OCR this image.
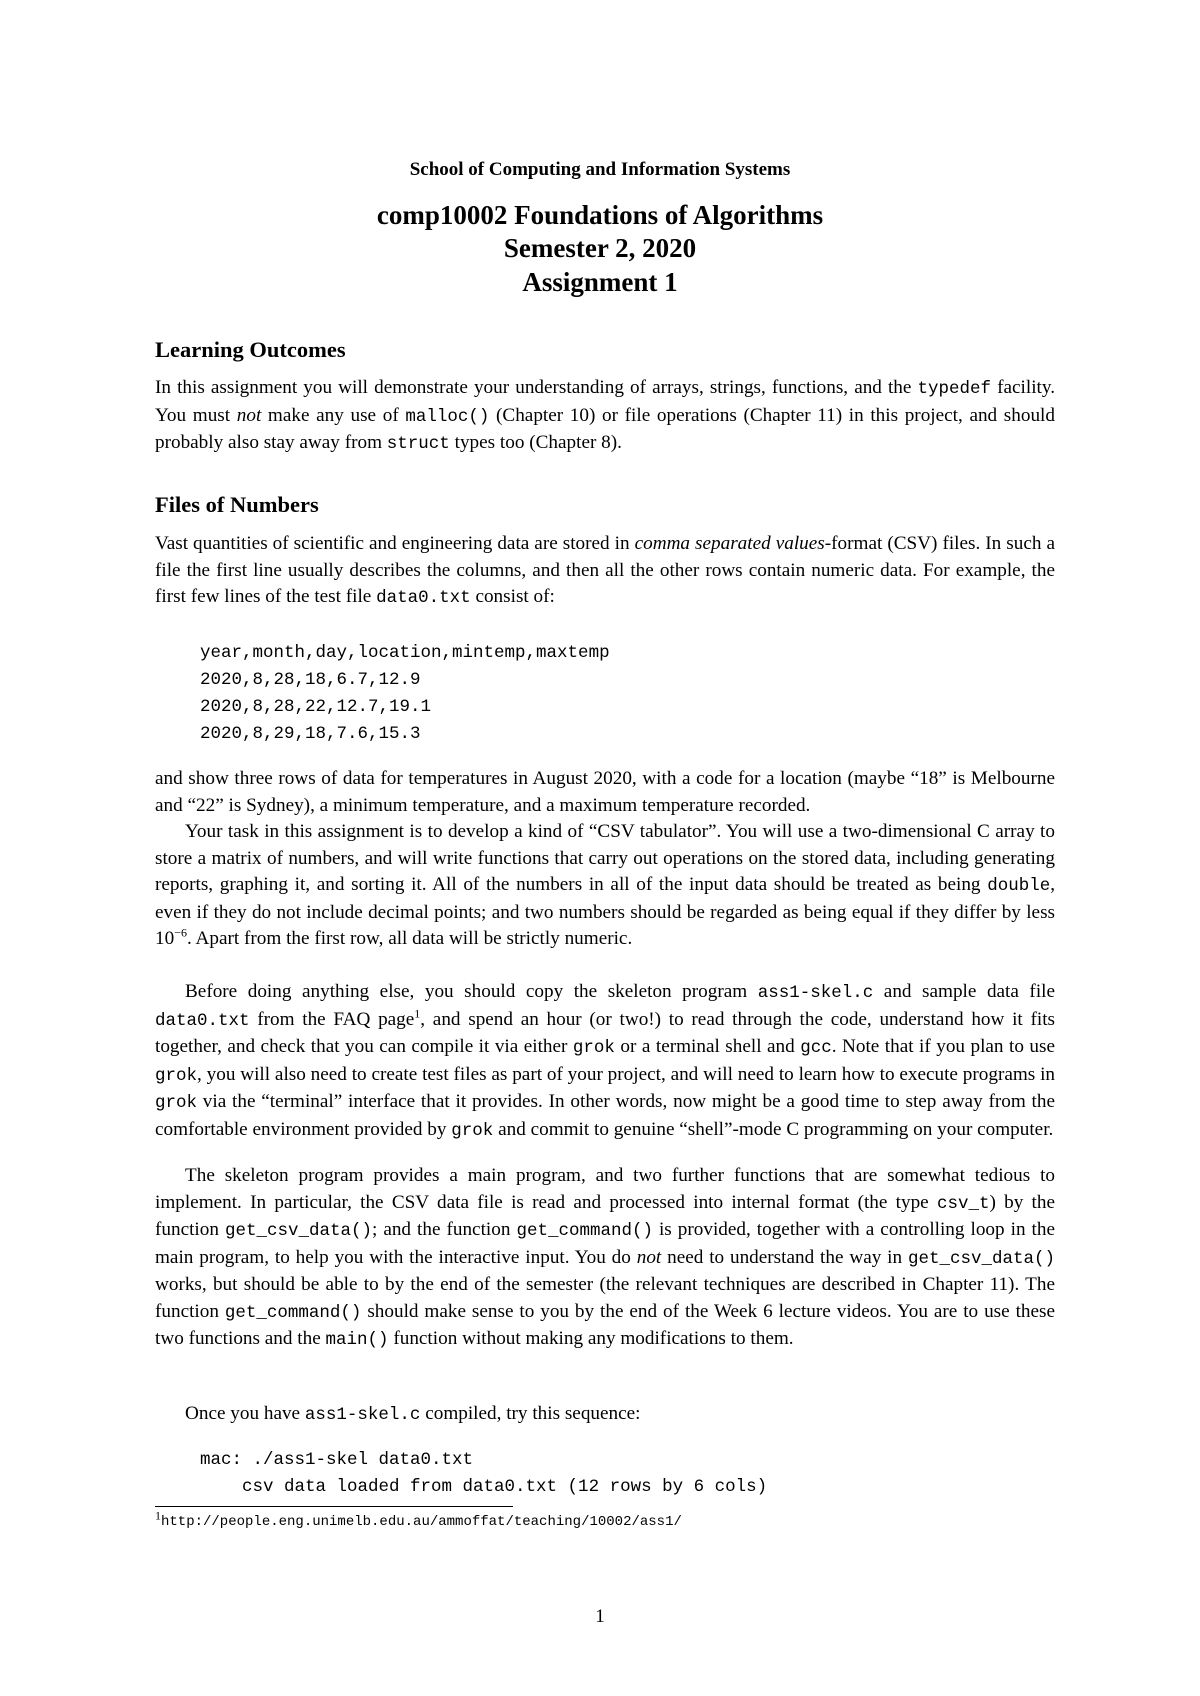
School of Computing and Information Systems
comp10002 Foundations of Algorithms
Semester 2, 2020
Assignment 1
Learning Outcomes

In this assignment you will demonstrate your understanding of arrays, strings, functions, and the typedef facility. You must not make any use of malloc() (Chapter 10) or file operations (Chapter 11) in this project, and should probably also stay away from struct types too (Chapter 8).

Files of Numbers

Vast quantities of scientific and engineering data are stored in comma separated values-format (CSV) files. In such a file the first line usually describes the columns, and then all the other rows contain numeric data. For example, the first few lines of the test file data0.txt consist of:

year,month,day,location,mintemp,maxtemp
2020,8,28,18,6.7,12.9
2020,8,28,22,12.7,19.1
2020,8,29,18,7.6,15.3

and show three rows of data for temperatures in August 2020, with a code for a location (maybe “18” is Melbourne and “22” is Sydney), a minimum temperature, and a maximum temperature recorded.

Your task in this assignment is to develop a kind of “CSV tabulator”. You will use a two-dimensional C array to store a matrix of numbers, and will write functions that carry out operations on the stored data, including generating reports, graphing it, and sorting it. All of the numbers in all of the input data should be treated as being double, even if they do not include decimal points; and two numbers should be regarded as being equal if they differ by less $10^{-6}$. Apart from the first row, all data will be strictly numeric.

Before doing anything else, you should copy the skeleton program ass1-skel.c and sample data file data0.txt from the FAQ page$^1$, and spend an hour (or two!) to read through the code, understand how it fits together, and check that you can compile it via either grok or a terminal shell and gcc. Note that if you plan to use grok, you will also need to create test files as part of your project, and will need to learn how to execute programs in grok via the “terminal” interface that it provides. In other words, now might be a good time to step away from the comfortable environment provided by grok and commit to genuine “shell”-mode C programming on your computer.

The skeleton program provides a main program, and two further functions that are somewhat tedious to implement. In particular, the CSV data file is read and processed into internal format (the type csv_t) by the function get_csv_data(); and the function get_command() is provided, together with a controlling loop in the main program, to help you with the interactive input. You do not need to understand the way in get_csv_data() works, but should be able to by the end of the semester (the relevant techniques are described in Chapter 11). The function get_command() should make sense to you by the end of the Week 6 lecture videos. You are to use these two functions and the main() function without making any modifications to them.

Once you have ass1-skel.c compiled, try this sequence:

mac: ./ass1-skel data0.txt
csv data loaded from data0.txt (12 rows by 6 cols)
$^1$http://people.eng.unimelb.edu.au/ammoffat/teaching/10002/ass1/
1
